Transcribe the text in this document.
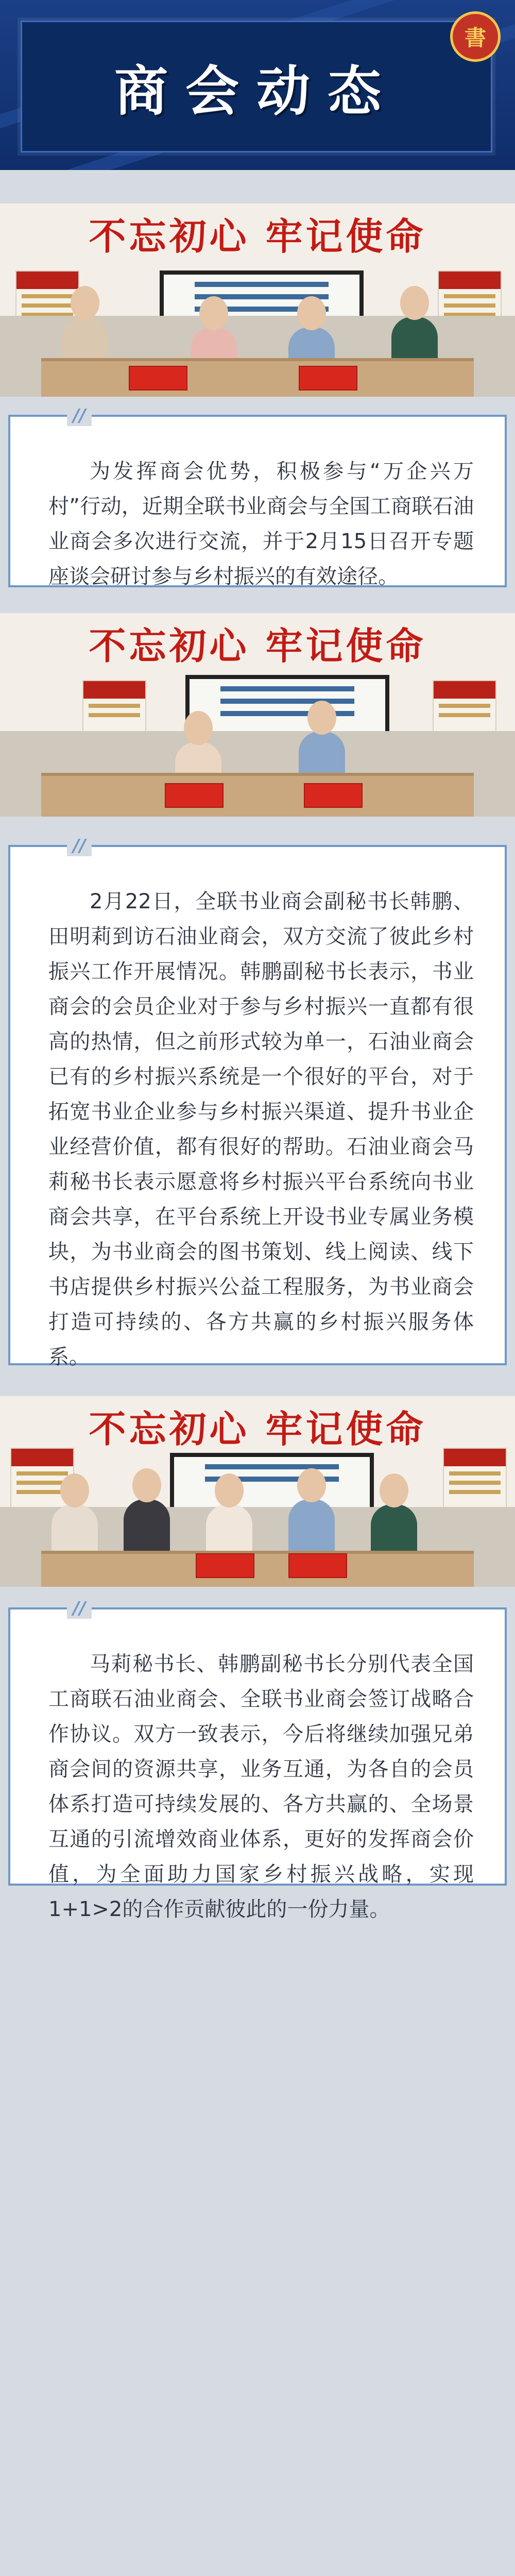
商会动态
書
不忘初心 牢记使命
//

为发挥商会优势，积极参与“万企兴万村”行动，近期全联书业商会与全国工商联石油业商会多次进行交流，并于2月15日召开专题座谈会研讨参与乡村振兴的有效途径。

不忘初心 牢记使命
//

2月22日，全联书业商会副秘书长韩鹏、田明莉到访石油业商会，双方交流了彼此乡村振兴工作开展情况。韩鹏副秘书长表示，书业商会的会员企业对于参与乡村振兴一直都有很高的热情，但之前形式较为单一，石油业商会已有的乡村振兴系统是一个很好的平台，对于拓宽书业企业参与乡村振兴渠道、提升书业企业经营价值，都有很好的帮助。石油业商会马莉秘书长表示愿意将乡村振兴平台系统向书业商会共享，在平台系统上开设书业专属业务模块，为书业商会的图书策划、线上阅读、线下书店提供乡村振兴公益工程服务，为书业商会打造可持续的、各方共赢的乡村振兴服务体系。

不忘初心 牢记使命
//

马莉秘书长、韩鹏副秘书长分别代表全国工商联石油业商会、全联书业商会签订战略合作协议。双方一致表示，今后将继续加强兄弟商会间的资源共享，业务互通，为各自的会员体系打造可持续发展的、各方共赢的、全场景互通的引流增效商业体系，更好的发挥商会价值，为全面助力国家乡村振兴战略，实现1+1>2的合作贡献彼此的一份力量。
